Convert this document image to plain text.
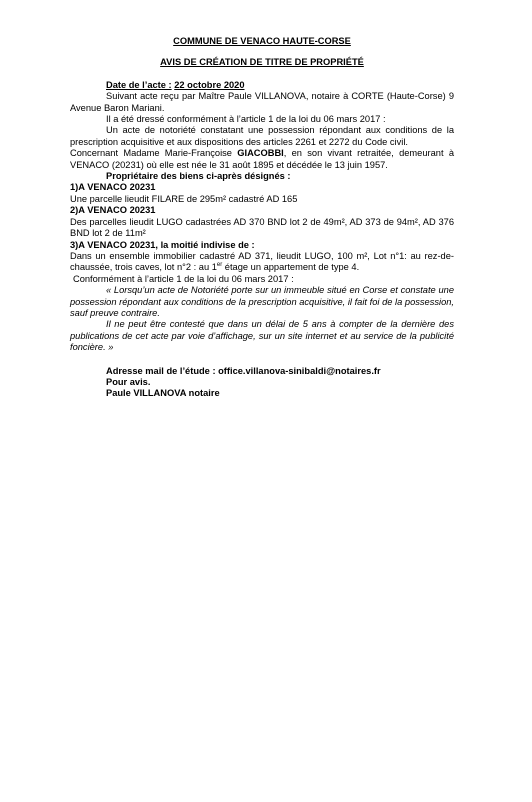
COMMUNE DE VENACO HAUTE-CORSE
AVIS DE CRÉATION DE TITRE DE PROPRIÉTÉ
Date de l’acte : 22 octobre 2020

Suivant acte reçu par Maître Paule VILLANOVA, notaire à CORTE (Haute-Corse) 9 Avenue Baron Mariani.

Il a été dressé conformément à l’article 1 de la loi du 06 mars 2017 :

Un acte de notoriété constatant une possession répondant aux conditions de la prescription acquisitive et aux dispositions des articles 2261 et 2272 du Code civil.

Concernant Madame Marie-Françoise GIACOBBI, en son vivant retraitée, demeurant à VENACO (20231) où elle est née le 31 août 1895 et décédée le 13 juin 1957.

Propriétaire des biens ci-après désignés :

1)A VENACO 20231

Une parcelle lieudit FILARE de 295m² cadastré AD 165

2)A VENACO 20231

Des parcelles lieudit LUGO cadastrées AD 370 BND lot 2 de 49m², AD 373 de 94m², AD 376 BND lot 2 de 11m²

3)A VENACO 20231, la moitié indivise de :

Dans un ensemble immobilier cadastré AD 371, lieudit LUGO, 100 m², Lot n°1: au rez-de-chaussée, trois caves, lot n°2 : au 1er étage un appartement de type 4.

Conformément à l’article 1 de la loi du 06 mars 2017 :

« Lorsqu’un acte de Notoriété porte sur un immeuble situé en Corse et constate une possession répondant aux conditions de la prescription acquisitive, il fait foi de la possession, sauf preuve contraire.

Il ne peut être contesté que dans un délai de 5 ans à compter de la dernière des publications de cet acte par voie d’affichage, sur un site internet et au service de la publicité foncière. »

Adresse mail de l’étude : office.villanova-sinibaldi@notaires.fr

Pour avis.

Paule VILLANOVA notaire
